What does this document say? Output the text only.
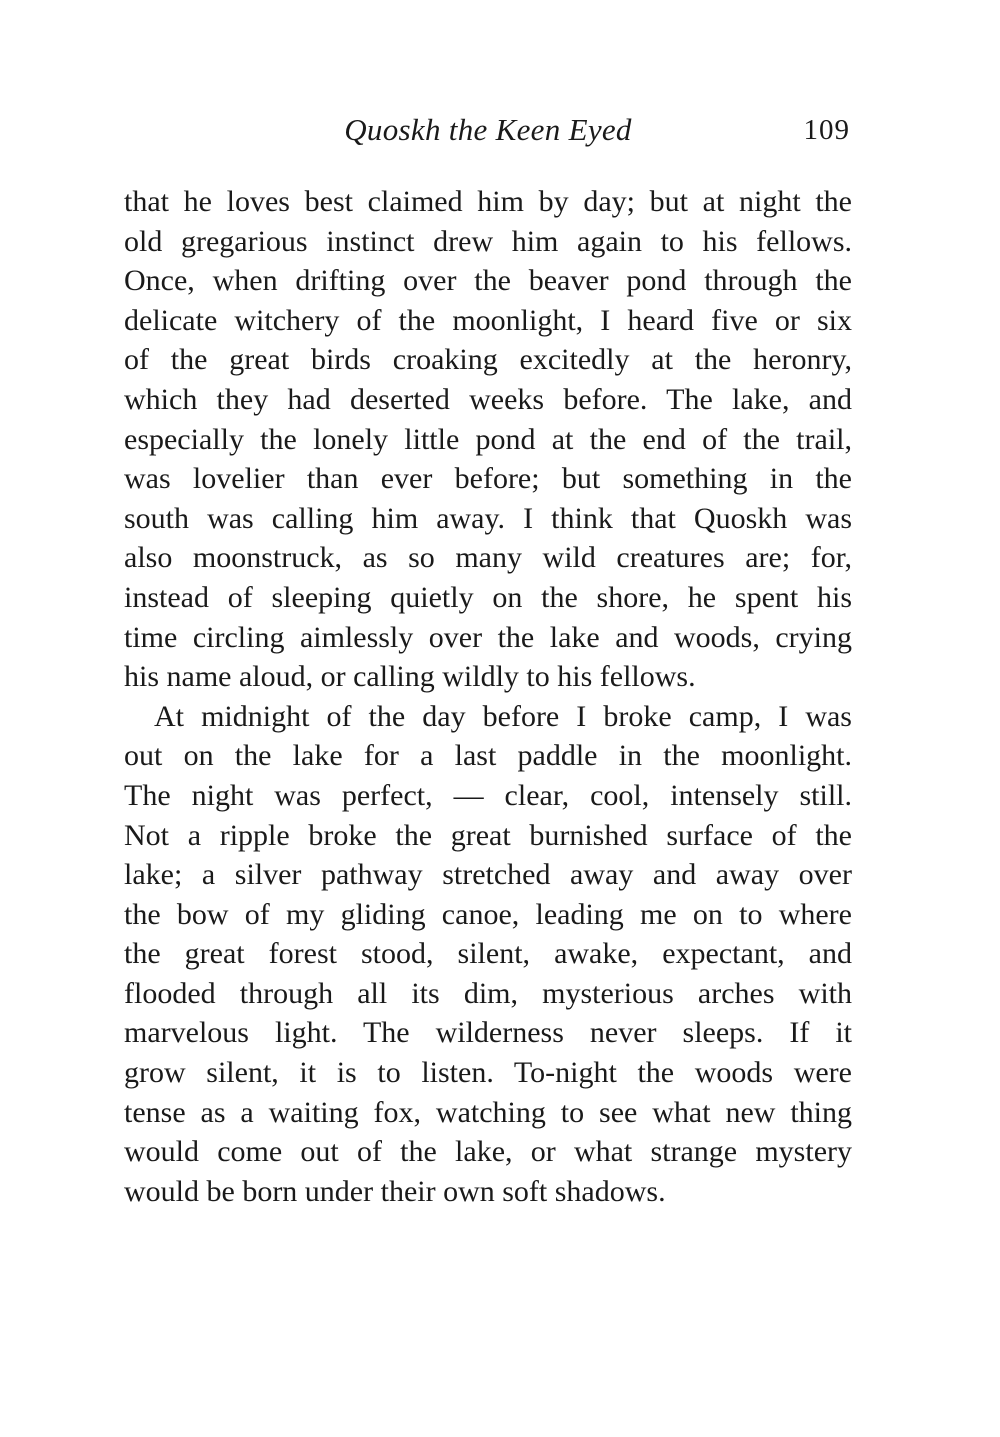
Quoskh the Keen Eyed	109
that he loves best claimed him by day; but at night the
old gregarious instinct drew him again to his fellows.
Once, when drifting over the beaver pond through the
delicate witchery of the moonlight, I heard five or six
of the great birds croaking excitedly at the heronry,
which they had deserted weeks before. The lake, and
especially the lonely little pond at the end of the trail,
was lovelier than ever before; but something in the
south was calling him away. I think that Quoskh was
also moonstruck, as so many wild creatures are; for,
instead of sleeping quietly on the shore, he spent his
time circling aimlessly over the lake and woods, crying
his name aloud, or calling wildly to his fellows.
At midnight of the day before I broke camp, I was
out on the lake for a last paddle in the moonlight.
The night was perfect, — clear, cool, intensely still.
Not a ripple broke the great burnished surface of the
lake; a silver pathway stretched away and away over
the bow of my gliding canoe, leading me on to where
the great forest stood, silent, awake, expectant, and
flooded through all its dim, mysterious arches with
marvelous light. The wilderness never sleeps. If it
grow silent, it is to listen. To-night the woods were
tense as a waiting fox, watching to see what new thing
would come out of the lake, or what strange mystery
would be born under their own soft shadows.
